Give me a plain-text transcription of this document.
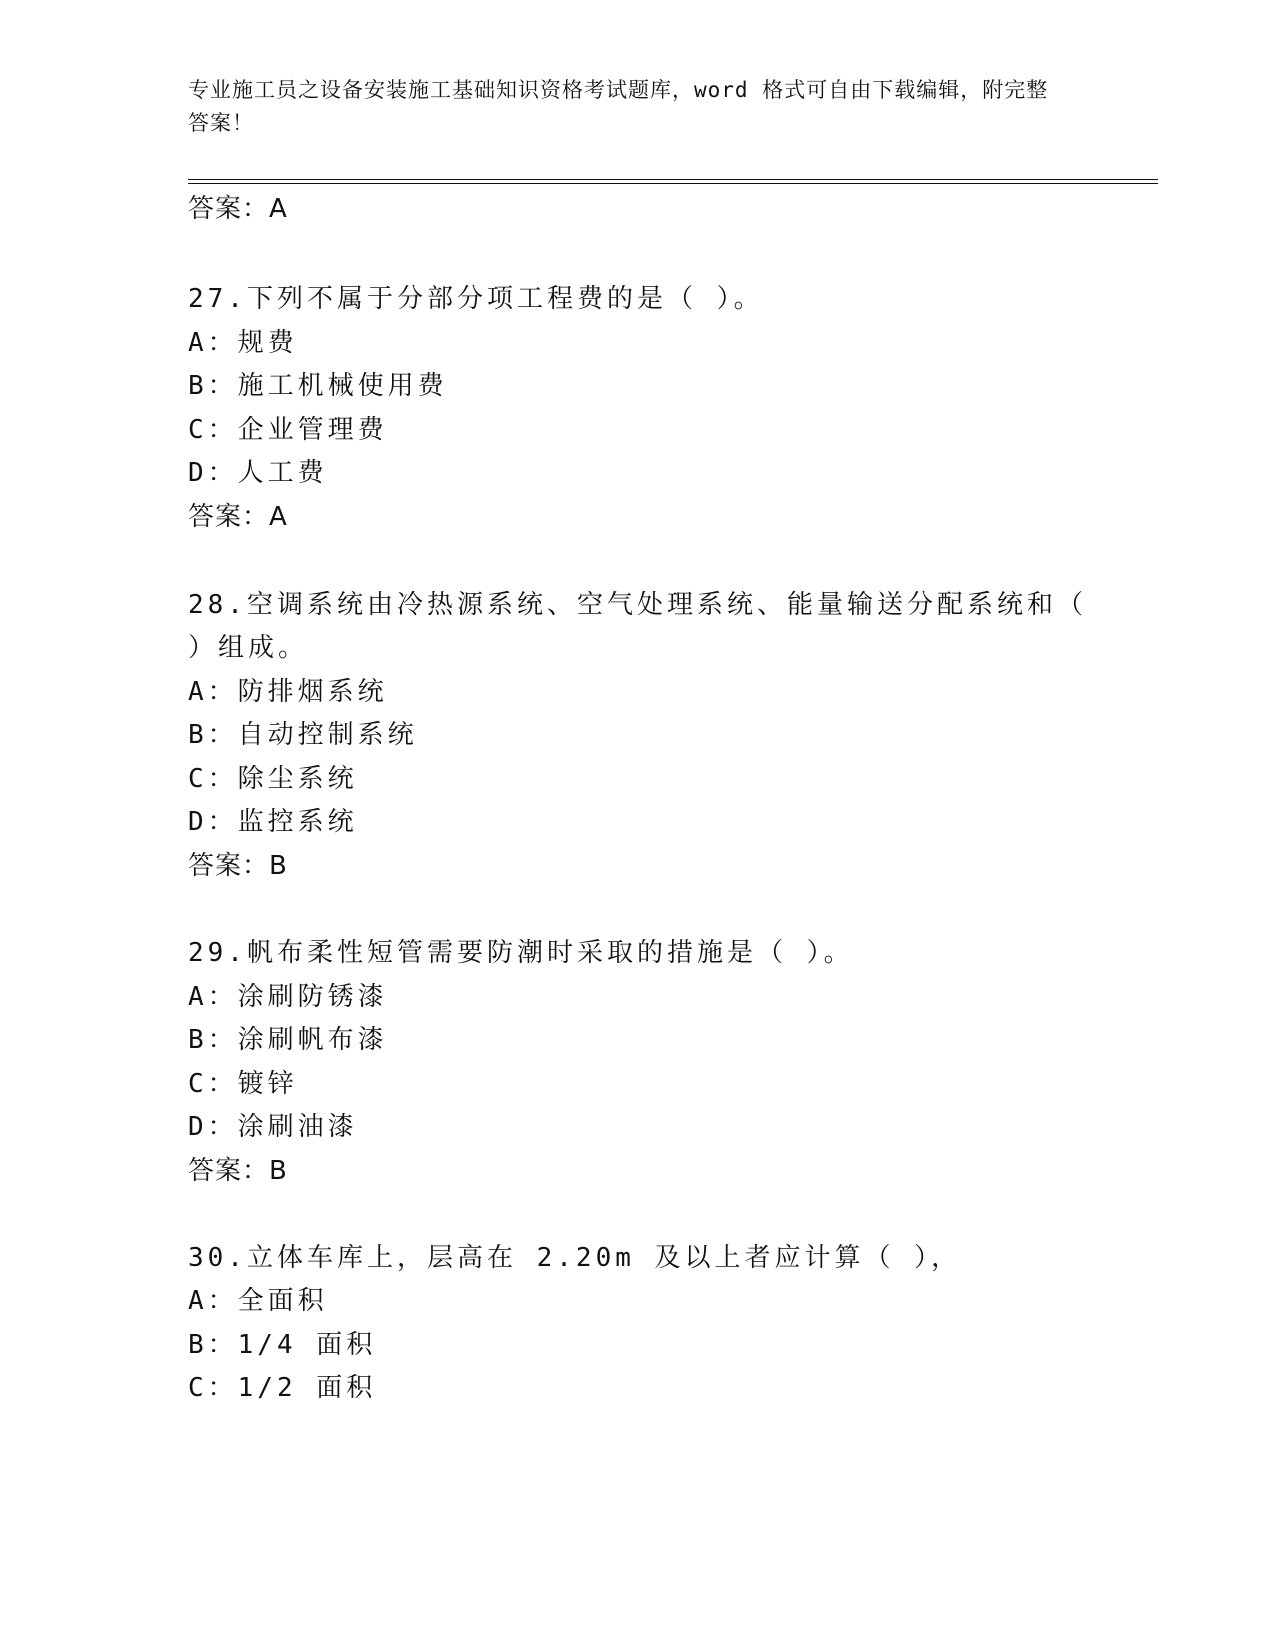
专业施工员之设备安装施工基础知识资格考试题库，word 格式可自由下载编辑，附完整答案！
答案：A
27.下列不属于分部分项工程费的是（ ）。
A：规费
B：施工机械使用费
C：企业管理费
D：人工费
答案：A
28.空调系统由冷热源系统、空气处理系统、能量输送分配系统和（
）组成。
A：防排烟系统
B：自动控制系统
C：除尘系统
D：监控系统
答案：B
29.帆布柔性短管需要防潮时采取的措施是（ ）。
A：涂刷防锈漆
B：涂刷帆布漆
C：镀锌
D：涂刷油漆
答案：B
30.立体车库上，层高在 2.20m 及以上者应计算（ ），
A：全面积
B：1/4 面积
C：1/2 面积
